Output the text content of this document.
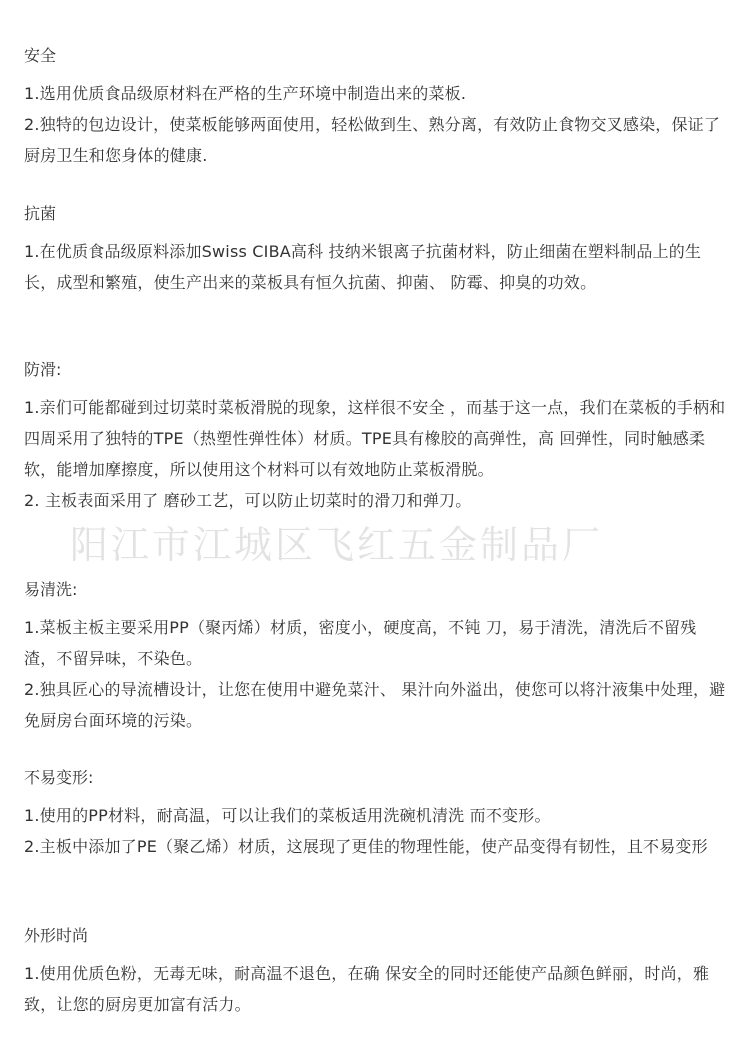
安全

1.选用优质食品级原材料在严格的生产环境中制造出来的菜板.

2.独特的包边设计，使菜板能够两面使用，轻松做到生、熟分离，有效防止食物交叉感染，保证了厨房卫生和您身体的健康.

抗菌

1.在优质食品级原料添加Swiss CIBA高科 技纳米银离子抗菌材料，防止细菌在塑料制品上的生长，成型和繁殖，使生产出来的菜板具有恒久抗菌、抑菌、 防霉、抑臭的功效。

防滑:

1.亲们可能都碰到过切菜时菜板滑脱的现象，这样很不安全 ，而基于这一点，我们在菜板的手柄和四周采用了独特的TPE（热塑性弹性体）材质。TPE具有橡胶的高弹性，高 回弹性，同时触感柔软，能增加摩擦度，所以使用这个材料可以有效地防止菜板滑脱。

2. 主板表面采用了 磨砂工艺，可以防止切菜时的滑刀和弹刀。

易清洗:

1.菜板主板主要采用PP（聚丙烯）材质，密度小，硬度高，不钝 刀，易于清洗，清洗后不留残渣，不留异味，不染色。

2.独具匠心的导流槽设计，让您在使用中避免菜汁、 果汁向外溢出，使您可以将汁液集中处理，避免厨房台面环境的污染。

不易变形:

1.使用的PP材料，耐高温，可以让我们的菜板适用洗碗机清洗 而不变形。

2.主板中添加了PE（聚乙烯）材质，这展现了更佳的物理性能，使产品变得有韧性，且不易变形

外形时尚

1.使用优质色粉，无毒无味，耐高温不退色，在确 保安全的同时还能使产品颜色鲜丽，时尚，雅致，让您的厨房更加富有活力。

阳江市江城区飞红五金制品厂
